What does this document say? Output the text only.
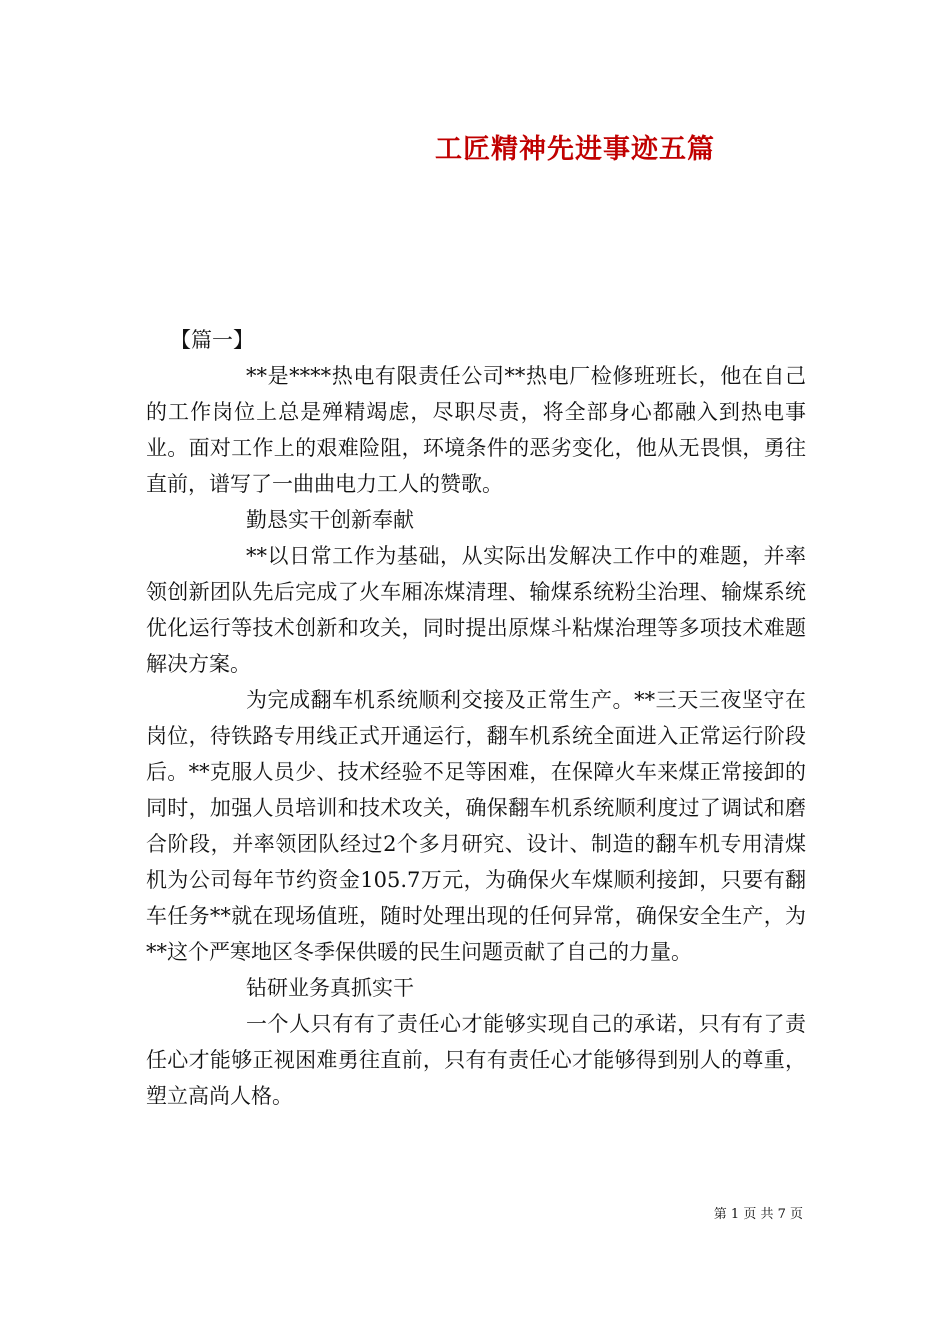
工匠精神先进事迹五篇

【篇一】

**是****热电有限责任公司**热电厂检修班班长，他在自己的工作岗位上总是殚精竭虑，尽职尽责，将全部身心都融入到热电事业。面对工作上的艰难险阻，环境条件的恶劣变化，他从无畏惧，勇往直前，谱写了一曲曲电力工人的赞歌。

勤恳实干创新奉献

**以日常工作为基础，从实际出发解决工作中的难题，并率领创新团队先后完成了火车厢冻煤清理、输煤系统粉尘治理、输煤系统优化运行等技术创新和攻关，同时提出原煤斗粘煤治理等多项技术难题解决方案。

为完成翻车机系统顺利交接及正常生产。**三天三夜坚守在岗位，待铁路专用线正式开通运行，翻车机系统全面进入正常运行阶段后。**克服人员少、技术经验不足等困难，在保障火车来煤正常接卸的同时，加强人员培训和技术攻关，确保翻车机系统顺利度过了调试和磨合阶段，并率领团队经过2个多月研究、设计、制造的翻车机专用清煤机为公司每年节约资金105.7万元，为确保火车煤顺利接卸，只要有翻车任务**就在现场值班，随时处理出现的任何异常，确保安全生产，为**这个严寒地区冬季保供暖的民生问题贡献了自己的力量。

钻研业务真抓实干

一个人只有有了责任心才能够实现自己的承诺，只有有了责任心才能够正视困难勇往直前，只有有责任心才能够得到别人的尊重，塑立高尚人格。

第 1 页 共 7 页
